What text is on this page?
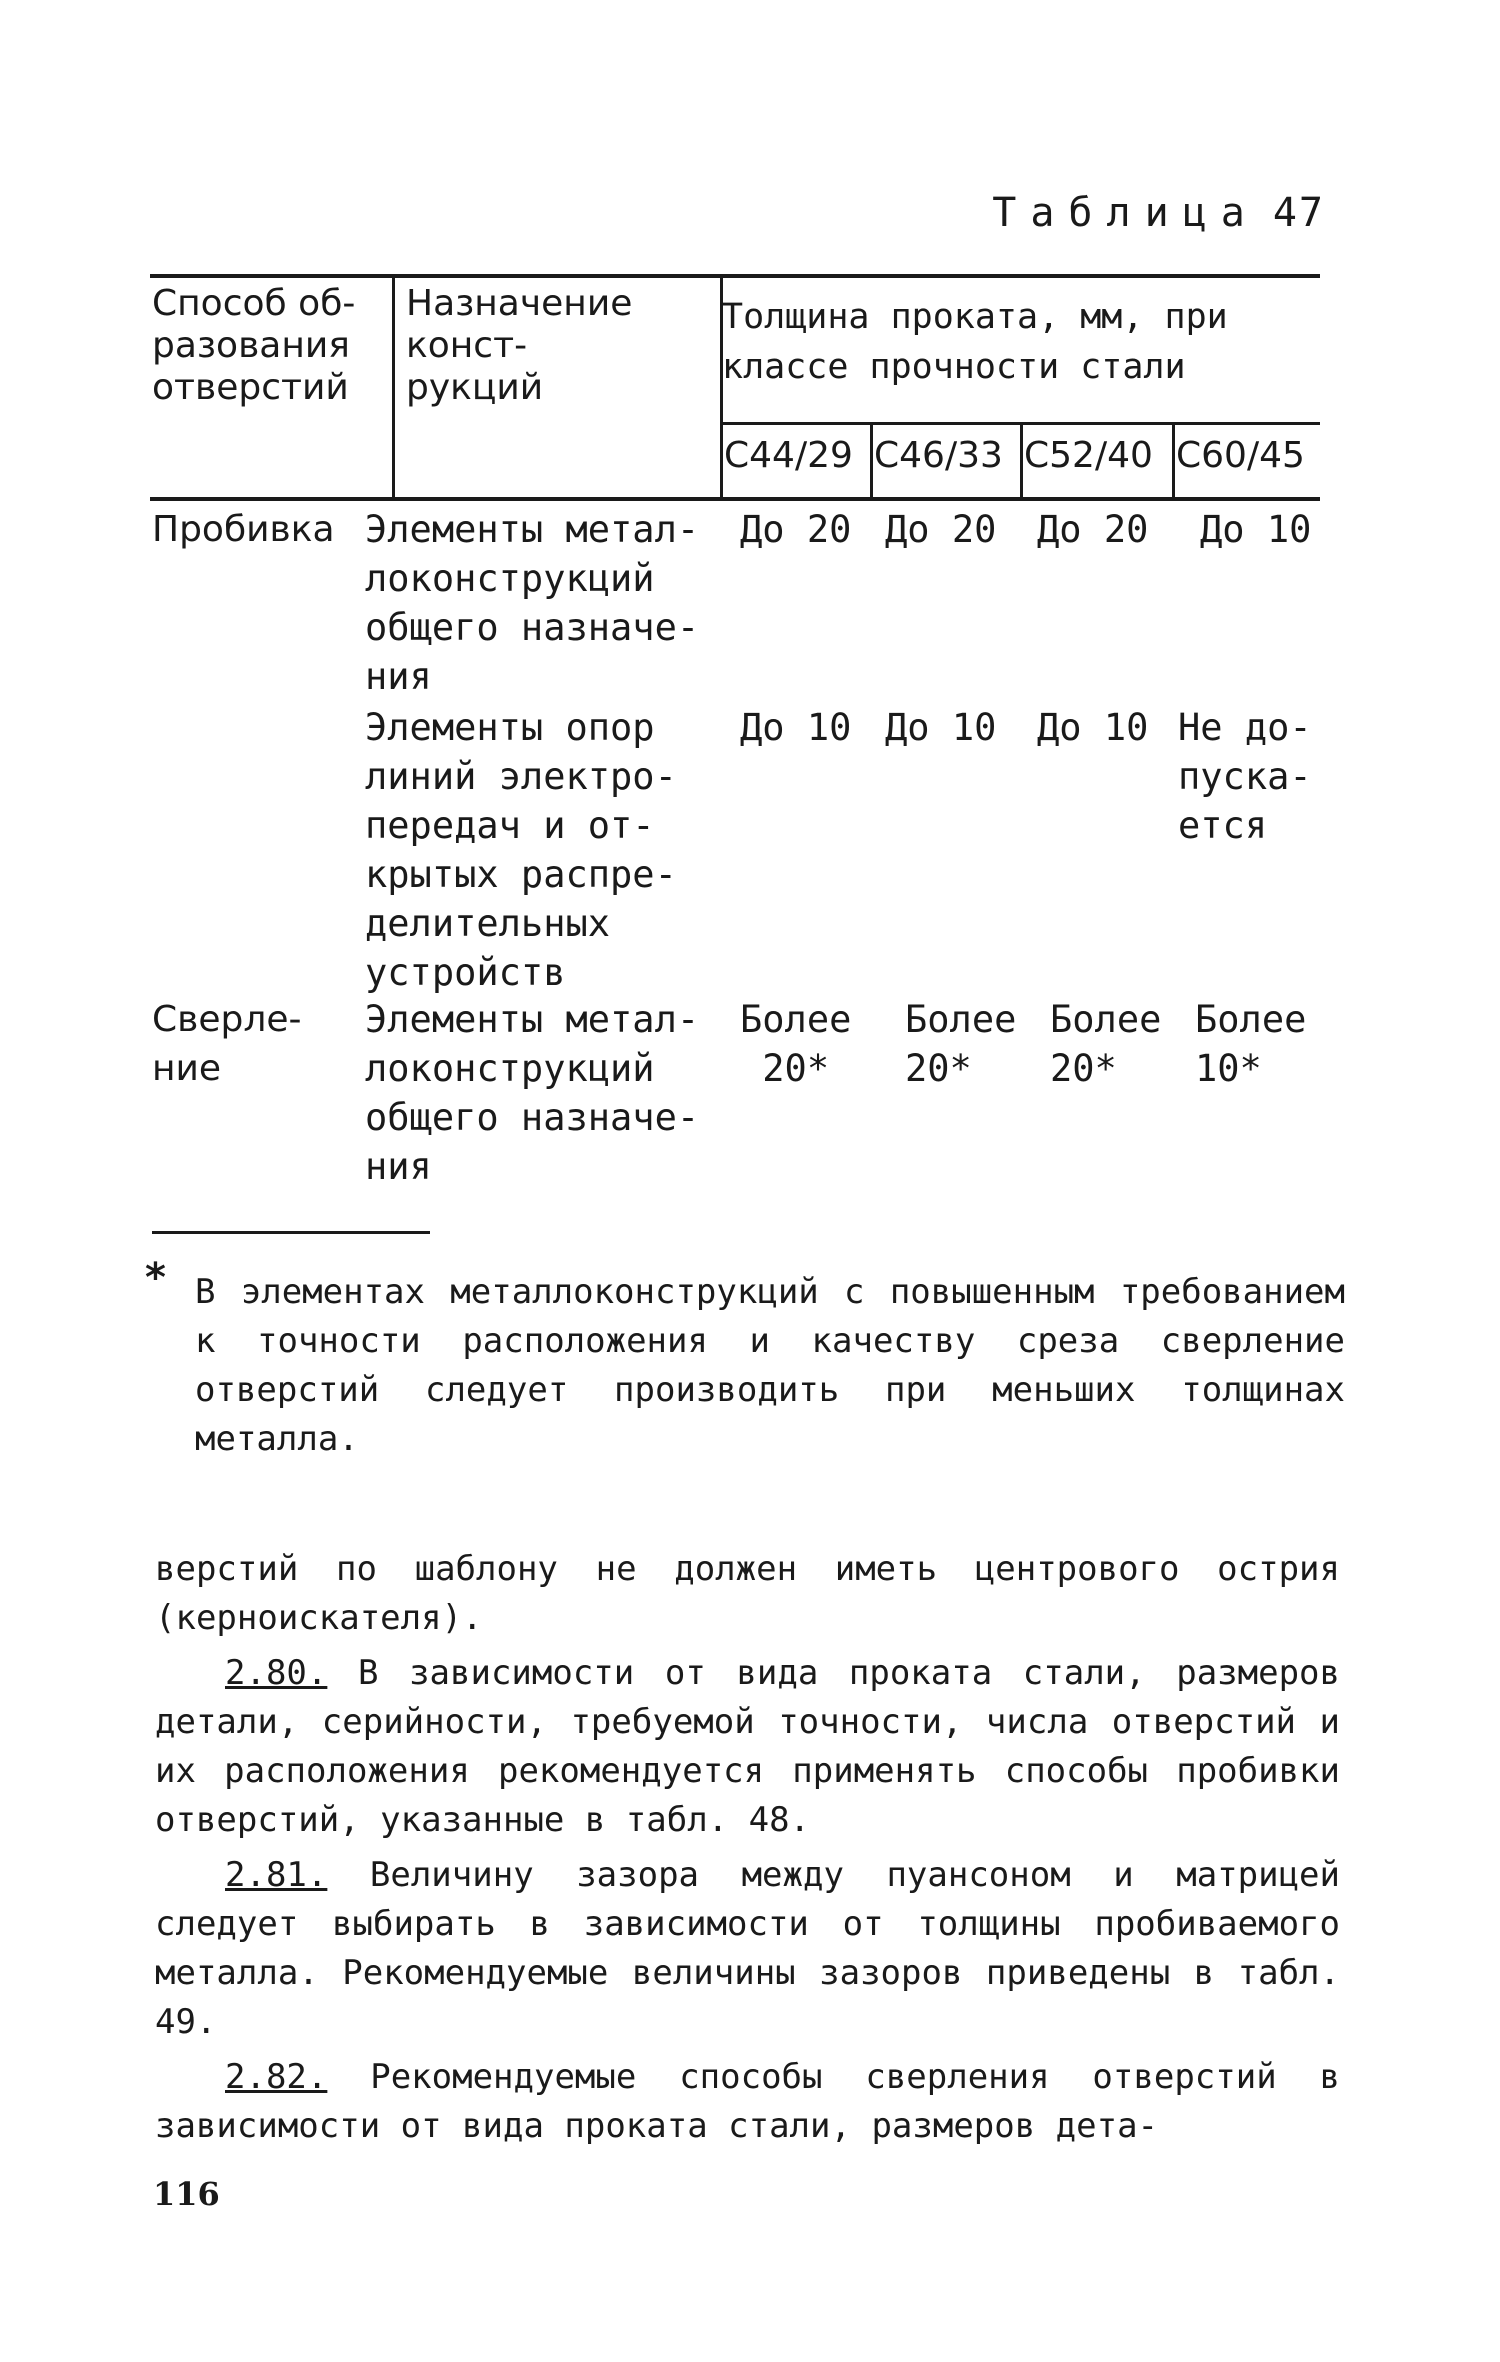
Таблица 47
Способ об-
разования
отверстий
Назначение
конст-
рукций
Толщина проката, мм, при
классе прочности стали
С44/29 С46/33 С52/40 С60/45
Пробивка Элементы метал-
локонструкций
общего назначе-
ния
До 20 До 20 До 20 До 10
Элементы опор
линий электро-
передач и от-
крытых распре-
делительных
устройств
До 10 До 10 До 10 Не до-
пуска-
ется
Сверле-
ние
Элементы метал-
локонструкций
общего назначе-
ния
Более
20*
Более
20*
Более
20*
Более
10*
* В элементах металлоконструкций с повышенным требованием к точности расположения и качеству среза сверление отверстий следует производить при меньших толщинах металла.

верстий по шаблону не должен иметь центрового острия (керноискателя).

2.80. В зависимости от вида проката стали, размеров детали, серийности, требуемой точности, числа отверстий и их расположения рекомендуется применять способы пробивки отверстий, указанные в табл. 48.

2.81. Величину зазора между пуансоном и матрицей следует выбирать в зависимости от толщины пробиваемого металла. Рекомендуемые величины зазоров приведены в табл. 49.

2.82. Рекомендуемые способы сверления отверстий в зависимости от вида проката стали, размеров дета-

116
